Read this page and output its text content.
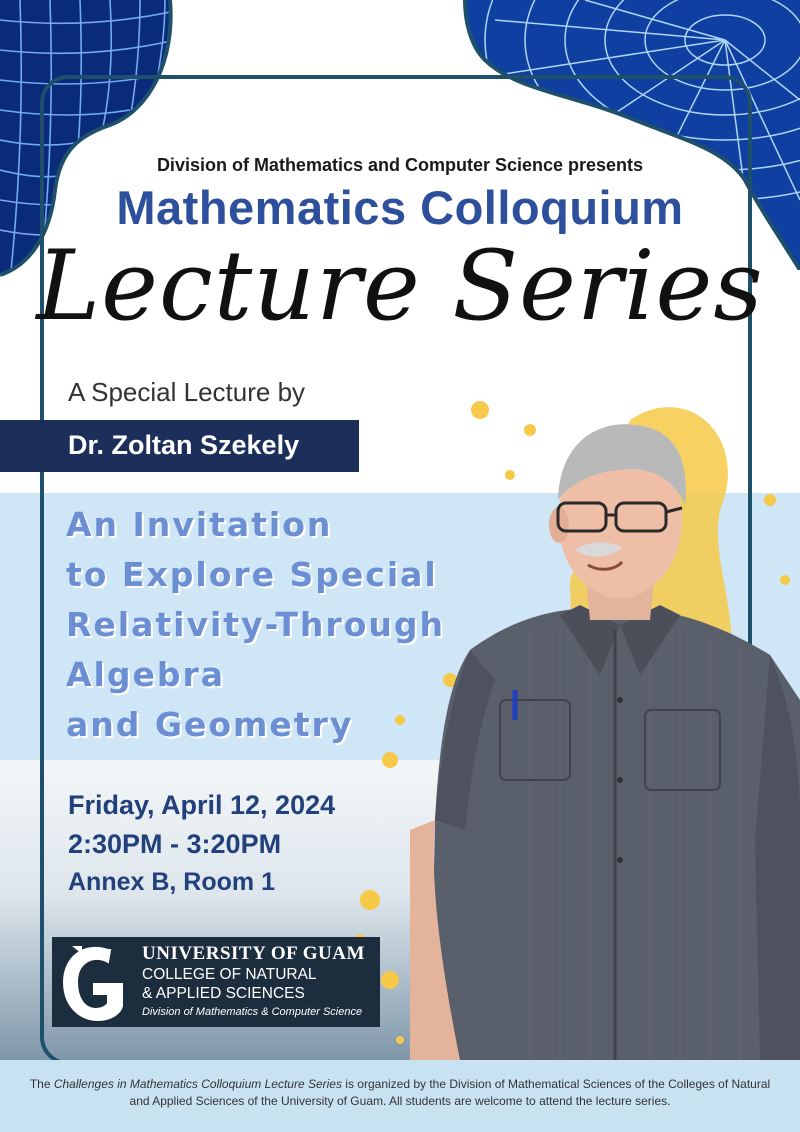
Division of Mathematics and Computer Science presents
Mathematics Colloquium
Lecture Series
A Special Lecture by
Dr. Zoltan Szekely
An Invitation
to Explore Special
Relativity-Through
Algebra
and Geometry
Friday, April 12, 2024
2:30PM - 3:20PM
Annex B, Room 1
UNIVERSITY OF GUAM
COLLEGE OF NATURAL
& APPLIED SCIENCES
Division of Mathematics & Computer Science
The Challenges in Mathematics Colloquium Lecture Series is organized by the Division of Mathematical Sciences of the Colleges of Natural and Applied Sciences of the University of Guam. All students are welcome to attend the lecture series.
